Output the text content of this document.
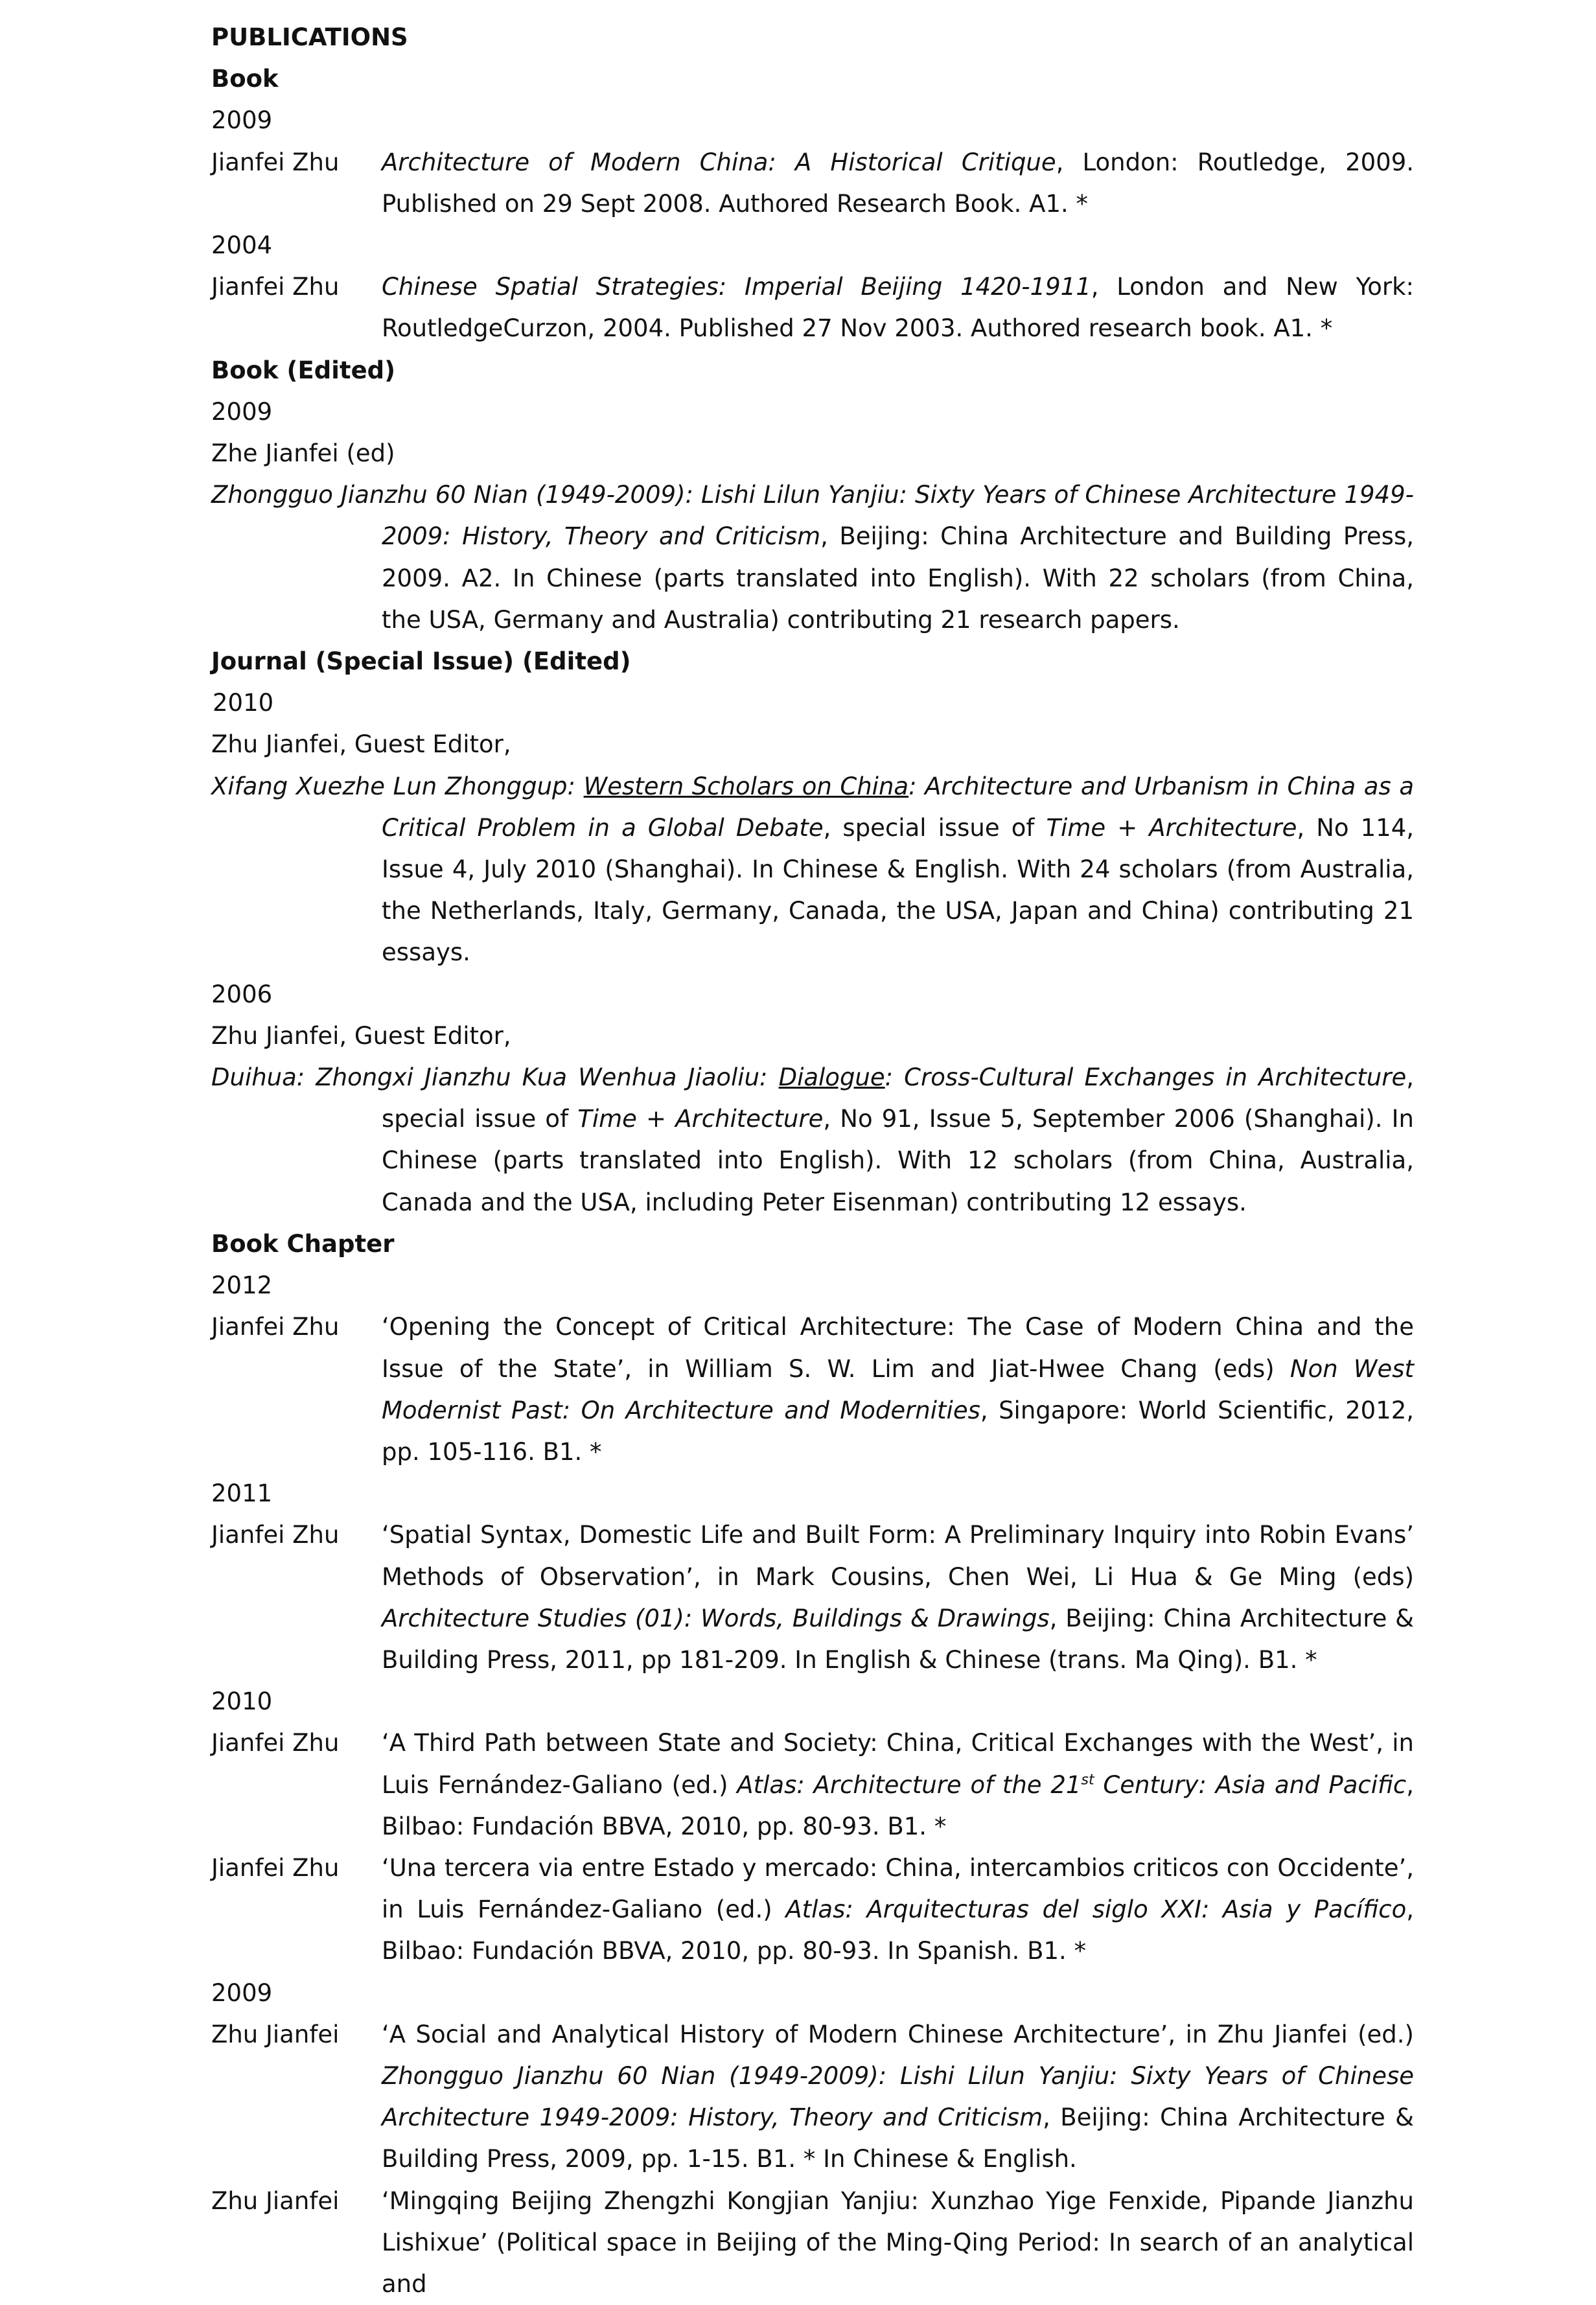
PUBLICATIONS
Book
2009
Jianfei Zhu	Architecture of Modern China: A Historical Critique, London: Routledge, 2009. Published on 29 Sept 2008. Authored Research Book. A1. *
2004
Jianfei Zhu	Chinese Spatial Strategies: Imperial Beijing 1420-1911, London and New York: RoutledgeCurzon, 2004. Published 27 Nov 2003. Authored research book. A1. *
Book (Edited)
2009
Zhe Jianfei (ed)
Zhongguo Jianzhu 60 Nian (1949-2009): Lishi Lilun Yanjiu: Sixty Years of Chinese Architecture 1949-2009: History, Theory and Criticism, Beijing: China Architecture and Building Press, 2009. A2. In Chinese (parts translated into English). With 22 scholars (from China, the USA, Germany and Australia) contributing 21 research papers.
Journal (Special Issue) (Edited)
2010
Zhu Jianfei, Guest Editor,
Xifang Xuezhe Lun Zhonggup: Western Scholars on China: Architecture and Urbanism in China as a Critical Problem in a Global Debate, special issue of Time + Architecture, No 114, Issue 4, July 2010 (Shanghai). In Chinese & English. With 24 scholars (from Australia, the Netherlands, Italy, Germany, Canada, the USA, Japan and China) contributing 21 essays.
2006
Zhu Jianfei, Guest Editor,
Duihua: Zhongxi Jianzhu Kua Wenhua Jiaoliu: Dialogue: Cross-Cultural Exchanges in Architecture, special issue of Time + Architecture, No 91, Issue 5, September 2006 (Shanghai). In Chinese (parts translated into English). With 12 scholars (from China, Australia, Canada and the USA, including Peter Eisenman) contributing 12 essays.
Book Chapter
2012
Jianfei Zhu	‘Opening the Concept of Critical Architecture: The Case of Modern China and the Issue of the State’, in William S. W. Lim and Jiat-Hwee Chang (eds) Non West Modernist Past: On Architecture and Modernities, Singapore: World Scientific, 2012, pp. 105-116. B1. *
2011
Jianfei Zhu	‘Spatial Syntax, Domestic Life and Built Form: A Preliminary Inquiry into Robin Evans’ Methods of Observation’, in Mark Cousins, Chen Wei, Li Hua & Ge Ming (eds) Architecture Studies (01): Words, Buildings & Drawings, Beijing: China Architecture & Building Press, 2011, pp 181-209. In English & Chinese (trans. Ma Qing). B1. *
2010
Jianfei Zhu	‘A Third Path between State and Society: China, Critical Exchanges with the West’, in Luis Fernández-Galiano (ed.) Atlas: Architecture of the 21st Century: Asia and Pacific, Bilbao: Fundación BBVA, 2010, pp. 80-93. B1. *
Jianfei Zhu	‘Una tercera via entre Estado y mercado: China, intercambios criticos con Occidente’, in Luis Fernández-Galiano (ed.) Atlas: Arquitecturas del siglo XXI: Asia y Pacífico, Bilbao: Fundación BBVA, 2010, pp. 80-93. In Spanish. B1. *
2009
Zhu Jianfei	‘A Social and Analytical History of Modern Chinese Architecture’, in Zhu Jianfei (ed.) Zhongguo Jianzhu 60 Nian (1949-2009): Lishi Lilun Yanjiu: Sixty Years of Chinese Architecture 1949-2009: History, Theory and Criticism, Beijing: China Architecture & Building Press, 2009, pp. 1-15. B1. * In Chinese & English.
Zhu Jianfei	‘Mingqing Beijing Zhengzhi Kongjian Yanjiu: Xunzhao Yige Fenxide, Pipande Jianzhu Lishixue’ (Political space in Beijing of the Ming-Qing Period: In search of an analytical and
